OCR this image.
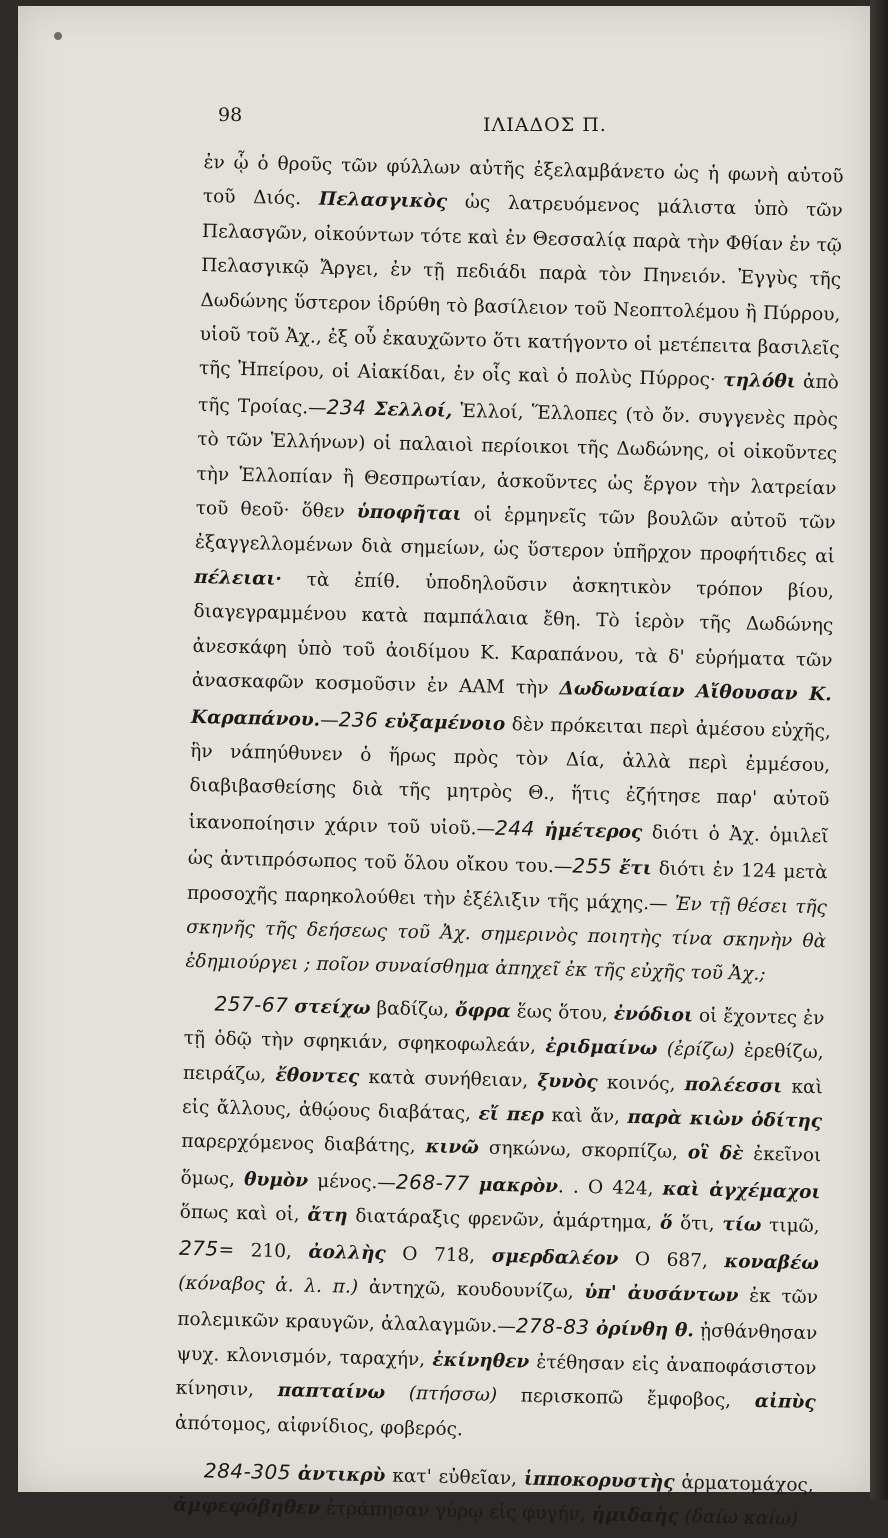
98	ΙΛΙΑΔΟΣ Π.

ἐν ᾧ ὁ θροῦς τῶν φύλλων αὐτῆς ἐξελαμβάνετο ὡς ἡ φωνὴ αὐτοῦ τοῦ Διός. Πελασγικὸς ὡς λατρευόμενος μάλιστα ὑπὸ τῶν Πελασγῶν, οἰκούντων τότε καὶ ἐν Θεσσαλίᾳ παρὰ τὴν Φθίαν ἐν τῷ Πελασγικῷ Ἄργει, ἐν τῇ πεδιάδι παρὰ τὸν Πηνειόν. Ἐγγὺς τῆς Δωδώνης ὕστερον ἱδρύθη τὸ βασίλειον τοῦ Νεοπτολέμου ἢ Πύρρου, υἱοῦ τοῦ Ἀχ., ἐξ οὗ ἐκαυχῶντο ὅτι κατήγοντο οἱ μετέπειτα βασιλεῖς τῆς Ἠπείρου, οἱ Αἰακίδαι, ἐν οἷς καὶ ὁ πολὺς Πύρρος· τηλόθι ἀπὸ τῆς Τροίας.—234 Σελλοί, Ἑλλοί, Ἕλλοπες (τὸ ὄν. συγγενὲς πρὸς τὸ τῶν Ἑλλήνων) οἱ παλαιοὶ περίοικοι τῆς Δωδώνης, οἱ οἰκοῦντες τὴν Ἑλλοπίαν ἢ Θεσπρωτίαν, ἀσκοῦντες ὡς ἔργον τὴν λατρείαν τοῦ θεοῦ· ὅθεν ὑποφῆται οἱ ἑρμηνεῖς τῶν βουλῶν αὐτοῦ τῶν ἐξαγγελλομένων διὰ σημείων, ὡς ὕστερον ὑπῆρχον προφήτιδες αἱ πέλειαι· τὰ ἐπίθ. ὑποδηλοῦσιν ἀσκητικὸν τρόπον βίου, διαγεγραμμένου κατὰ παμπάλαια ἔθη. Τὸ ἱερὸν τῆς Δωδώνης ἀνεσκάφη ὑπὸ τοῦ ἀοιδίμου Κ. Καραπάνου, τὰ δ' εὑρήματα τῶν ἀνασκαφῶν κοσμοῦσιν ἐν ΑΑΜ τὴν Δωδωναίαν Αἴθουσαν Κ. Καραπάνου.—236 εὐξαμένοιο δὲν πρόκειται περὶ ἀμέσου εὐχῆς, ἣν νάπηύθυνεν ὁ ἥρως πρὸς τὸν Δία, ἀλλὰ περὶ ἐμμέσου, διαβιβασθείσης διὰ τῆς μητρὸς Θ., ἥτις ἐζήτησε παρ' αὐτοῦ ἱκανοποίησιν χάριν τοῦ υἱοῦ.—244 ἡμέτερος διότι ὁ Ἀχ. ὁμιλεῖ ὡς ἀντιπρόσωπος τοῦ ὅλου οἴκου του.—255 ἔτι διότι ἐν 124 μετὰ προσοχῆς παρηκολούθει τὴν ἐξέλιξιν τῆς μάχης.— Ἐν τῇ θέσει τῆς σκηνῆς τῆς δεήσεως τοῦ Ἀχ. σημερινὸς ποιητὴς τίνα σκηνὴν θὰ ἐδημιούργει ; ποῖον συναίσθημα ἀπηχεῖ ἐκ τῆς εὐχῆς τοῦ Ἀχ.;

257-67 στείχω βαδίζω, ὄφρα ἕως ὅτου, ἐνόδιοι οἱ ἔχοντες ἐν τῇ ὁδῷ τὴν σφηκιάν, σφηκοφωλεάν, ἐριδμαίνω (ἐρίζω) ἐρεθίζω, πειράζω, ἔθοντες κατὰ συνήθειαν, ξυνὸς κοινός, πολέεσσι καὶ εἰς ἄλλους, ἀθῴους διαβάτας, εἴ περ καὶ ἄν, παρὰ κιὼν ὁδίτης παρερχόμενος διαβάτης, κινῶ σηκώνω, σκορπίζω, οἳ δὲ ἐκεῖνοι ὅμως, θυμὸν μένος.—268-77 μακρὸν. . Ο 424, καὶ ἀγχέμαχοι ὅπως καὶ οἱ, ἄτη διατάραξις φρενῶν, ἁμάρτημα, ὅ ὅτι, τίω τιμῶ, 275= 210, ἀολλὴς Ο 718, σμερδαλέον Ο 687, κοναβέω (κόναβος ἀ. λ. π.) ἀντηχῶ, κουδουνίζω, ὑπ' ἀυσάντων ἐκ τῶν πολεμικῶν κραυγῶν, ἀλαλαγμῶν.—278-83 ὀρίνθη θ. ᾐσθάνθησαν ψυχ. κλονισμόν, ταραχήν, ἐκίνηθεν ἐτέθησαν εἰς ἀναποφάσιστον κίνησιν, παπταίνω (πτήσσω) περισκοπῶ ἔμφοβος, αἰπὺς ἀπότομος, αἰφνίδιος, φοβερός.

284-305 ἀντικρὺ κατ' εὐθεῖαν, ἱπποκορυστὴς ἁρματομάχος, ἀμφεφόβηθεν ἐτράπησαν γύρῳ εἰς φυγήν, ἡμιδαὴς (δαίω καίω)
